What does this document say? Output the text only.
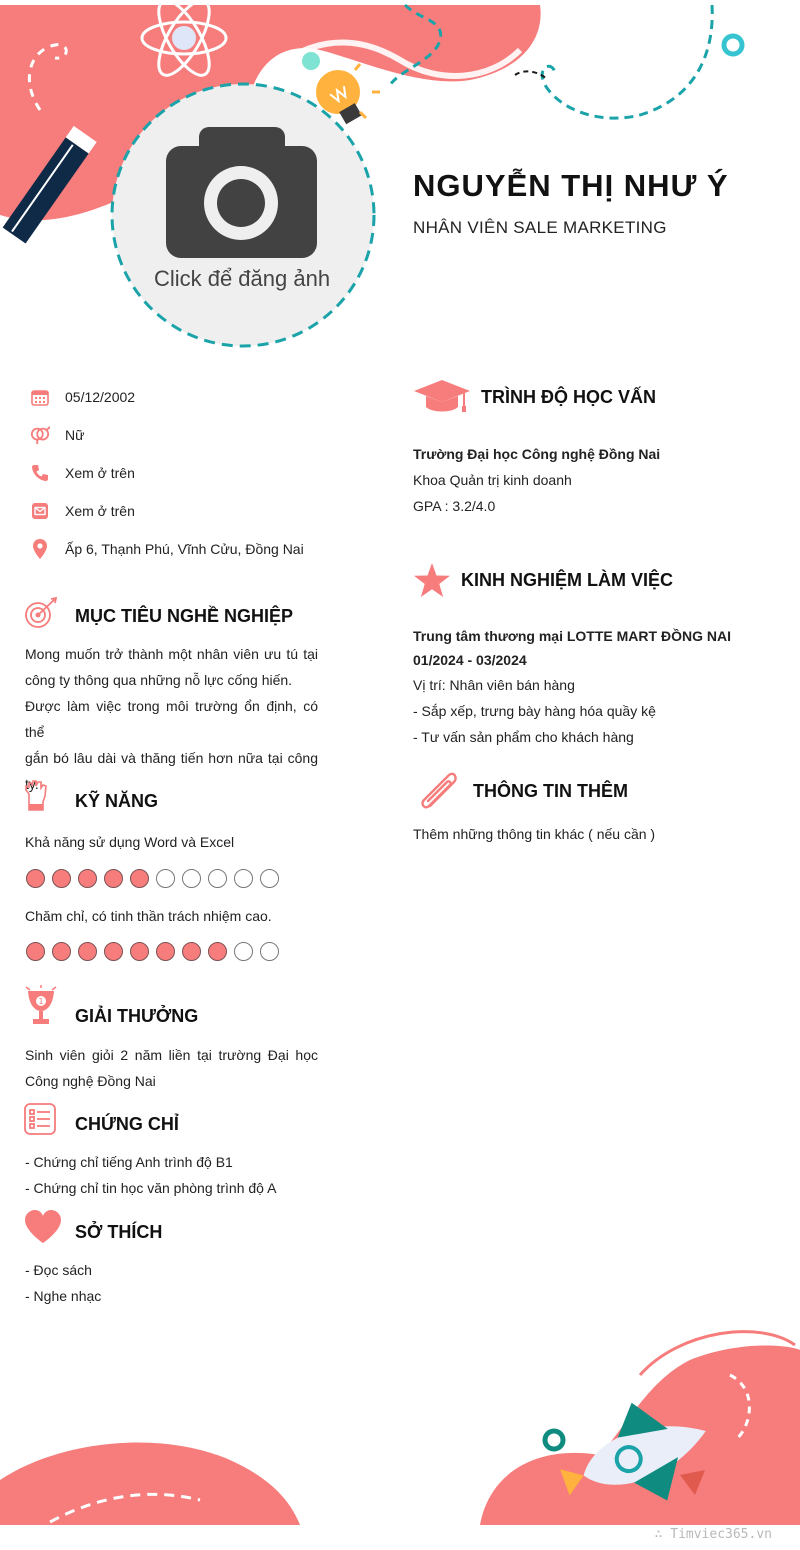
Click để đăng ảnh
NGUYỄN THỊ NHƯ Ý
NHÂN VIÊN SALE MARKETING
05/12/2002
Nữ
Xem ở trên
Xem ở trên
Ấp 6, Thạnh Phú, Vĩnh Cửu, Đồng Nai
MỤC TIÊU NGHỀ NGHIỆP
Mong muốn trở thành một nhân viên ưu tú tại
công ty thông qua những nỗ lực cống hiến.
Được làm việc trong môi trường ổn định, có thể
gắn bó lâu dài và thăng tiến hơn nữa tại công
ty.
KỸ NĂNG
Khả năng sử dụng Word và Excel
Chăm chỉ, có tinh thần trách nhiệm cao.
1
GIẢI THƯỞNG
Sinh viên giỏi 2 năm liền tại trường Đại học
Công nghệ Đồng Nai
CHỨNG CHỈ
- Chứng chỉ tiếng Anh trình độ B1
- Chứng chỉ tin học văn phòng trình độ A
SỞ THÍCH
- Đọc sách
- Nghe nhạc
TRÌNH ĐỘ HỌC VẤN
Trường Đại học Công nghệ Đồng Nai
Khoa Quản trị kinh doanh
GPA : 3.2/4.0
KINH NGHIỆM LÀM VIỆC
Trung tâm thương mại LOTTE MART ĐỒNG NAI
01/2024 - 03/2024
Vị trí: Nhân viên bán hàng
- Sắp xếp, trưng bày hàng hóa quầy kệ
- Tư vấn sản phẩm cho khách hàng
THÔNG TIN THÊM
Thêm những thông tin khác ( nếu cần )
∴ Timviec365.vn
